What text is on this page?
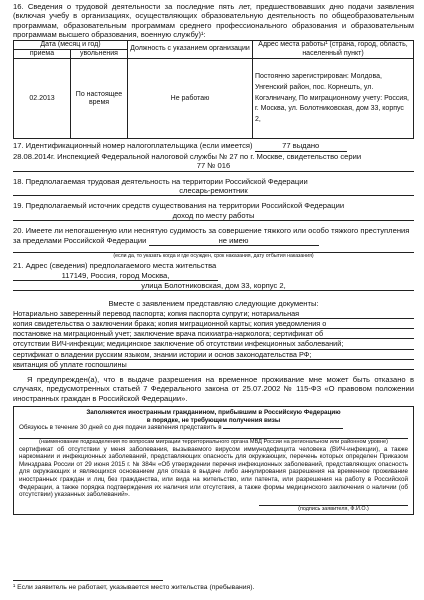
16. Сведения о трудовой деятельности за последние пять лет, предшествовавших дню подачи заявления (включая учебу в организациях, осуществляющих образовательную деятельность по общеобразовательным программам, образовательным программам среднего профессионального образования и образовательным программам высшего образования, военную службу)¹:
Дата (месяц и год)		Должность с указанием организации	Адрес места работы¹ (страна, город, область, населенный пункт)
приема	увольнения		
02.2013	По настоящее время	Не работаю	Постоянно зарегистрирован: Молдова, Унгенский район, пос. Корнешть, ул. Когэлничану, По миграционному учету: Россия, г. Москва, ул. Болотниковская, дом 33, корпус 2,
17. Идентификационный номер налогоплательщика (если имеется)	77 выдано
28.08.2014г. Инспекцией Федеральной налоговой службы № 27 по г. Москве, свидетельство серии
77 № 016
18. Предполагаемая трудовая деятельность на территории Российской Федерации
слесарь-ремонтник
19. Предполагаемый источник средств существования на территории Российской Федерации
доход по месту работы
20. Имеете ли непогашенную или неснятую судимость за совершение тяжкого или особо тяжкого преступления за пределами Российской Федерации	не имею
(если да, то указать когда и где осужден, срок наказания, дату отбытия наказания)
21. Адрес (сведения) предполагаемого места жительства 117149, Россия, город Москва,
улица Болотниковская, дом 33, корпус 2,
Вместе с заявлением представляю следующие документы:
Нотариально заверенный перевод паспорта; копия паспорта супруги; нотариальная
копия свидетельства о заключении брака; копия миграционной карты; копия уведомления о
постановке на миграционный учет; заключение врача психиатра-нарколога; сертификат об
отсутствии ВИЧ-инфекции; медицинское заключение об отсутствии инфекционных заболеваний;
сертификат о владении русским языком, знании истории и основ законодательства РФ;
квитанция об уплате госпошлины
Я предупрежден(а), что в выдаче разрешения на временное проживание мне может быть отказано в случаях, предусмотренных статьей 7 Федерального закона от 25.07.2002 № 115-ФЗ «О правовом положении иностранных граждан в Российской Федерации».
Заполняется иностранным гражданином, прибывшим в Российскую Федерацию
в порядке, не требующем получения визы
Обязуюсь в течение 30 дней со дня подачи заявления представить в
(наименование подразделения по вопросам миграции территориального органа МВД России на региональном или районном уровне)
сертификат об отсутствии у меня заболевания, вызываемого вирусом иммунодефицита человека (ВИЧ-инфекции), а также наркомании и инфекционных заболеваний, представляющих опасность для окружающих, перечень которых определен Приказом Минздрава России от 29 июня 2015 г. № 384н «Об утверждении перечня инфекционных заболеваний, представляющих опасность для окружающих и являющихся основанием для отказа в выдаче либо аннулирования разрешения на временное проживание иностранных граждан и лиц без гражданства, или вида на жительство, или патента, или разрешения на работу в Российской Федерации, а также порядка подтверждения их наличия или отсутствия, а также формы медицинского заключения о наличии (об отсутствии) указанных заболеваний».
(подпись заявителя, Ф.И.О.)
¹ Если заявитель не работает, указывается место жительства (пребывания).
